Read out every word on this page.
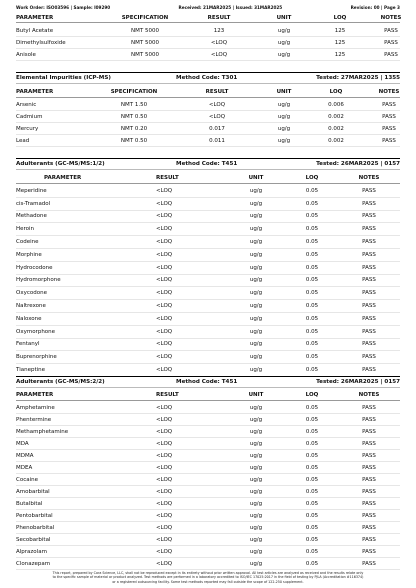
Work Order: ISO03596 | Sample: I09290	Received: 21MAR2025 | Issued: 31MAR2025	Revision: 00 | Page 3
PARAMETER	SPECIFICATION	RESULT	UNIT	LOQ	NOTES
Butyl Acetate	NMT 5000	123	ug/g	125	PASS
Dimethylsulfoxide	NMT 5000	<LOQ	ug/g	125	PASS
Anisole	NMT 5000	<LOQ	ug/g	125	PASS
Elemental Impurities (ICP-MS)	Method Code: T301	Tested: 27MAR2025 | 1355
PARAMETER	SPECIFICATION	RESULT	UNIT	LOQ	NOTES
Arsenic	NMT 1.50	<LOQ	ug/g	0.006	PASS
Cadmium	NMT 0.50	<LOQ	ug/g	0.002	PASS
Mercury	NMT 0.20	0.017	ug/g	0.002	PASS
Lead	NMT 0.50	0.011	ug/g	0.002	PASS
Adulterants (GC-MS/MS:1/2)	Method Code: T451	Tested: 26MAR2025 | 0157
PARAMETER	RESULT	UNIT	LOQ	NOTES
Meperidine	<LOQ	ug/g	0.05	PASS
cis-Tramadol	<LOQ	ug/g	0.05	PASS
Methadone	<LOQ	ug/g	0.05	PASS
Heroin	<LOQ	ug/g	0.05	PASS
Codeine	<LOQ	ug/g	0.05	PASS
Morphine	<LOQ	ug/g	0.05	PASS
Hydrocodone	<LOQ	ug/g	0.05	PASS
Hydromorphone	<LOQ	ug/g	0.05	PASS
Oxycodone	<LOQ	ug/g	0.05	PASS
Naltrexone	<LOQ	ug/g	0.05	PASS
Naloxone	<LOQ	ug/g	0.05	PASS
Oxymorphone	<LOQ	ug/g	0.05	PASS
Fentanyl	<LOQ	ug/g	0.05	PASS
Buprenorphine	<LOQ	ug/g	0.05	PASS
Tianeptine	<LOQ	ug/g	0.05	PASS
Adulterants (GC-MS/MS:2/2)	Method Code: T451	Tested: 26MAR2025 | 0157
PARAMETER	RESULT	UNIT	LOQ	NOTES
Amphetamine	<LOQ	ug/g	0.05	PASS
Phentermine	<LOQ	ug/g	0.05	PASS
Methamphetamine	<LOQ	ug/g	0.05	PASS
MDA	<LOQ	ug/g	0.05	PASS
MDMA	<LOQ	ug/g	0.05	PASS
MDEA	<LOQ	ug/g	0.05	PASS
Cocaine	<LOQ	ug/g	0.05	PASS
Amobarbital	<LOQ	ug/g	0.05	PASS
Butalbital	<LOQ	ug/g	0.05	PASS
Pentobarbital	<LOQ	ug/g	0.05	PASS
Phenobarbital	<LOQ	ug/g	0.05	PASS
Secobarbital	<LOQ	ug/g	0.05	PASS
Alprazolam	<LOQ	ug/g	0.05	PASS
Clonazepam	<LOQ	ug/g	0.05	PASS
This report, prepared by Cora Science, LLC, shall not be reproduced except in its entirety without prior written approval. All test articles are analyzed as received and the results relate only
to the specific sample of material or product analyzed. Test methods are performed in a laboratory accredited to ISO/IEC 17025:2017 in the field of testing by PJLA (Accreditation #116374)
or a registered outsourcing facility. Some test methods reported may fall outside the scope of 122-250 supplement.
